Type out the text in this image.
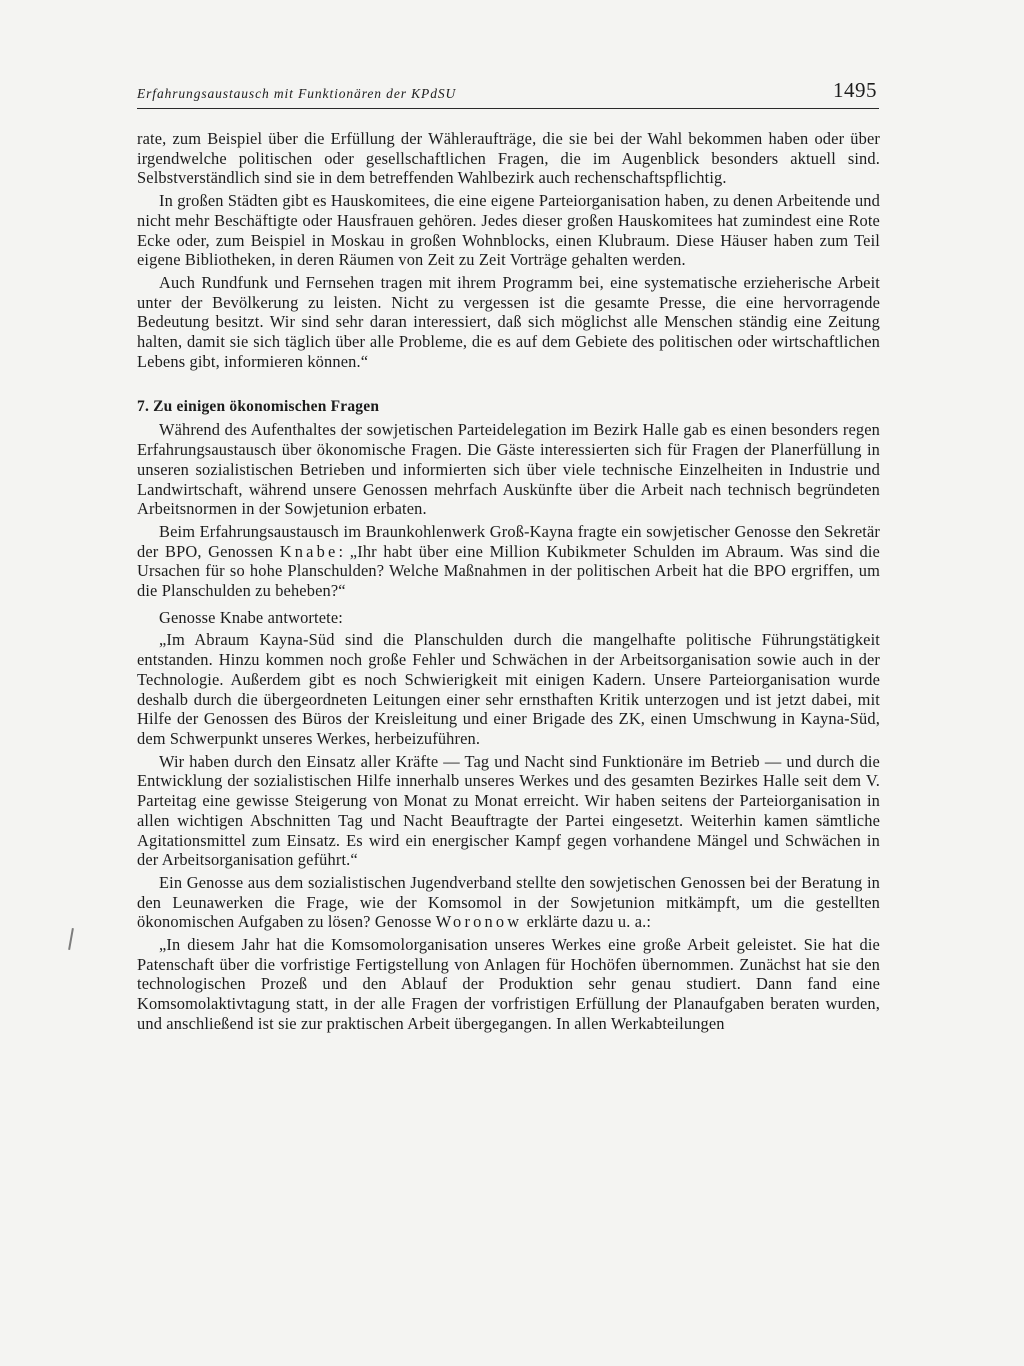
Erfahrungsaustausch mit Funktionären der KPdSU	1495

rate, zum Beispiel über die Erfüllung der Wähleraufträge, die sie bei der Wahl bekommen haben oder über irgendwelche politischen oder gesellschaftlichen Fragen, die im Augenblick besonders aktuell sind. Selbstverständlich sind sie in dem betreffenden Wahlbezirk auch rechenschaftspflichtig.

In großen Städten gibt es Hauskomitees, die eine eigene Parteiorganisation haben, zu denen Arbeitende und nicht mehr Beschäftigte oder Hausfrauen gehören. Jedes dieser großen Hauskomitees hat zumindest eine Rote Ecke oder, zum Beispiel in Moskau in großen Wohnblocks, einen Klubraum. Diese Häuser haben zum Teil eigene Bibliotheken, in deren Räumen von Zeit zu Zeit Vorträge gehalten werden.

Auch Rundfunk und Fernsehen tragen mit ihrem Programm bei, eine systematische erzieherische Arbeit unter der Bevölkerung zu leisten. Nicht zu vergessen ist die gesamte Presse, die eine hervorragende Bedeutung besitzt. Wir sind sehr daran interessiert, daß sich möglichst alle Menschen ständig eine Zeitung halten, damit sie sich täglich über alle Probleme, die es auf dem Gebiete des politischen oder wirtschaftlichen Lebens gibt, informieren können.“

7. Zu einigen ökonomischen Fragen

Während des Aufenthaltes der sowjetischen Parteidelegation im Bezirk Halle gab es einen besonders regen Erfahrungsaustausch über ökonomische Fragen. Die Gäste interessierten sich für Fragen der Planerfüllung in unseren sozialistischen Betrieben und informierten sich über viele technische Einzelheiten in Industrie und Landwirtschaft, während unsere Genossen mehrfach Auskünfte über die Arbeit nach technisch begründeten Arbeitsnormen in der Sowjetunion erbaten.

Beim Erfahrungsaustausch im Braunkohlenwerk Groß-Kayna fragte ein sowjetischer Genosse den Sekretär der BPO, Genossen Knabe: „Ihr habt über eine Million Kubikmeter Schulden im Abraum. Was sind die Ursachen für so hohe Planschulden? Welche Maßnahmen in der politischen Arbeit hat die BPO ergriffen, um die Planschulden zu beheben?“

Genosse Knabe antwortete:

„Im Abraum Kayna-Süd sind die Planschulden durch die mangelhafte politische Führungstätigkeit entstanden. Hinzu kommen noch große Fehler und Schwächen in der Arbeitsorganisation sowie auch in der Technologie. Außerdem gibt es noch Schwierigkeit mit einigen Kadern. Unsere Parteiorganisation wurde deshalb durch die übergeordneten Leitungen einer sehr ernsthaften Kritik unterzogen und ist jetzt dabei, mit Hilfe der Genossen des Büros der Kreisleitung und einer Brigade des ZK, einen Umschwung in Kayna-Süd, dem Schwerpunkt unseres Werkes, herbeizuführen.

Wir haben durch den Einsatz aller Kräfte — Tag und Nacht sind Funktionäre im Betrieb — und durch die Entwicklung der sozialistischen Hilfe innerhalb unseres Werkes und des gesamten Bezirkes Halle seit dem V. Parteitag eine gewisse Steigerung von Monat zu Monat erreicht. Wir haben seitens der Parteiorganisation in allen wichtigen Abschnitten Tag und Nacht Beauftragte der Partei eingesetzt. Weiterhin kamen sämtliche Agitationsmittel zum Einsatz. Es wird ein energischer Kampf gegen vorhandene Mängel und Schwächen in der Arbeitsorganisation geführt.“

Ein Genosse aus dem sozialistischen Jugendverband stellte den sowjetischen Genossen bei der Beratung in den Leunawerken die Frage, wie der Komsomol in der Sowjetunion mitkämpft, um die gestellten ökonomischen Aufgaben zu lösen? Genosse Woronow erklärte dazu u. a.:

„In diesem Jahr hat die Komsomolorganisation unseres Werkes eine große Arbeit geleistet. Sie hat die Patenschaft über die vorfristige Fertigstellung von Anlagen für Hochöfen übernommen. Zunächst hat sie den technologischen Prozeß und den Ablauf der Produktion sehr genau studiert. Dann fand eine Komsomolaktivtagung statt, in der alle Fragen der vorfristigen Erfüllung der Planaufgaben beraten wurden, und anschließend ist sie zur praktischen Arbeit übergegangen. In allen Werkabteilungen
